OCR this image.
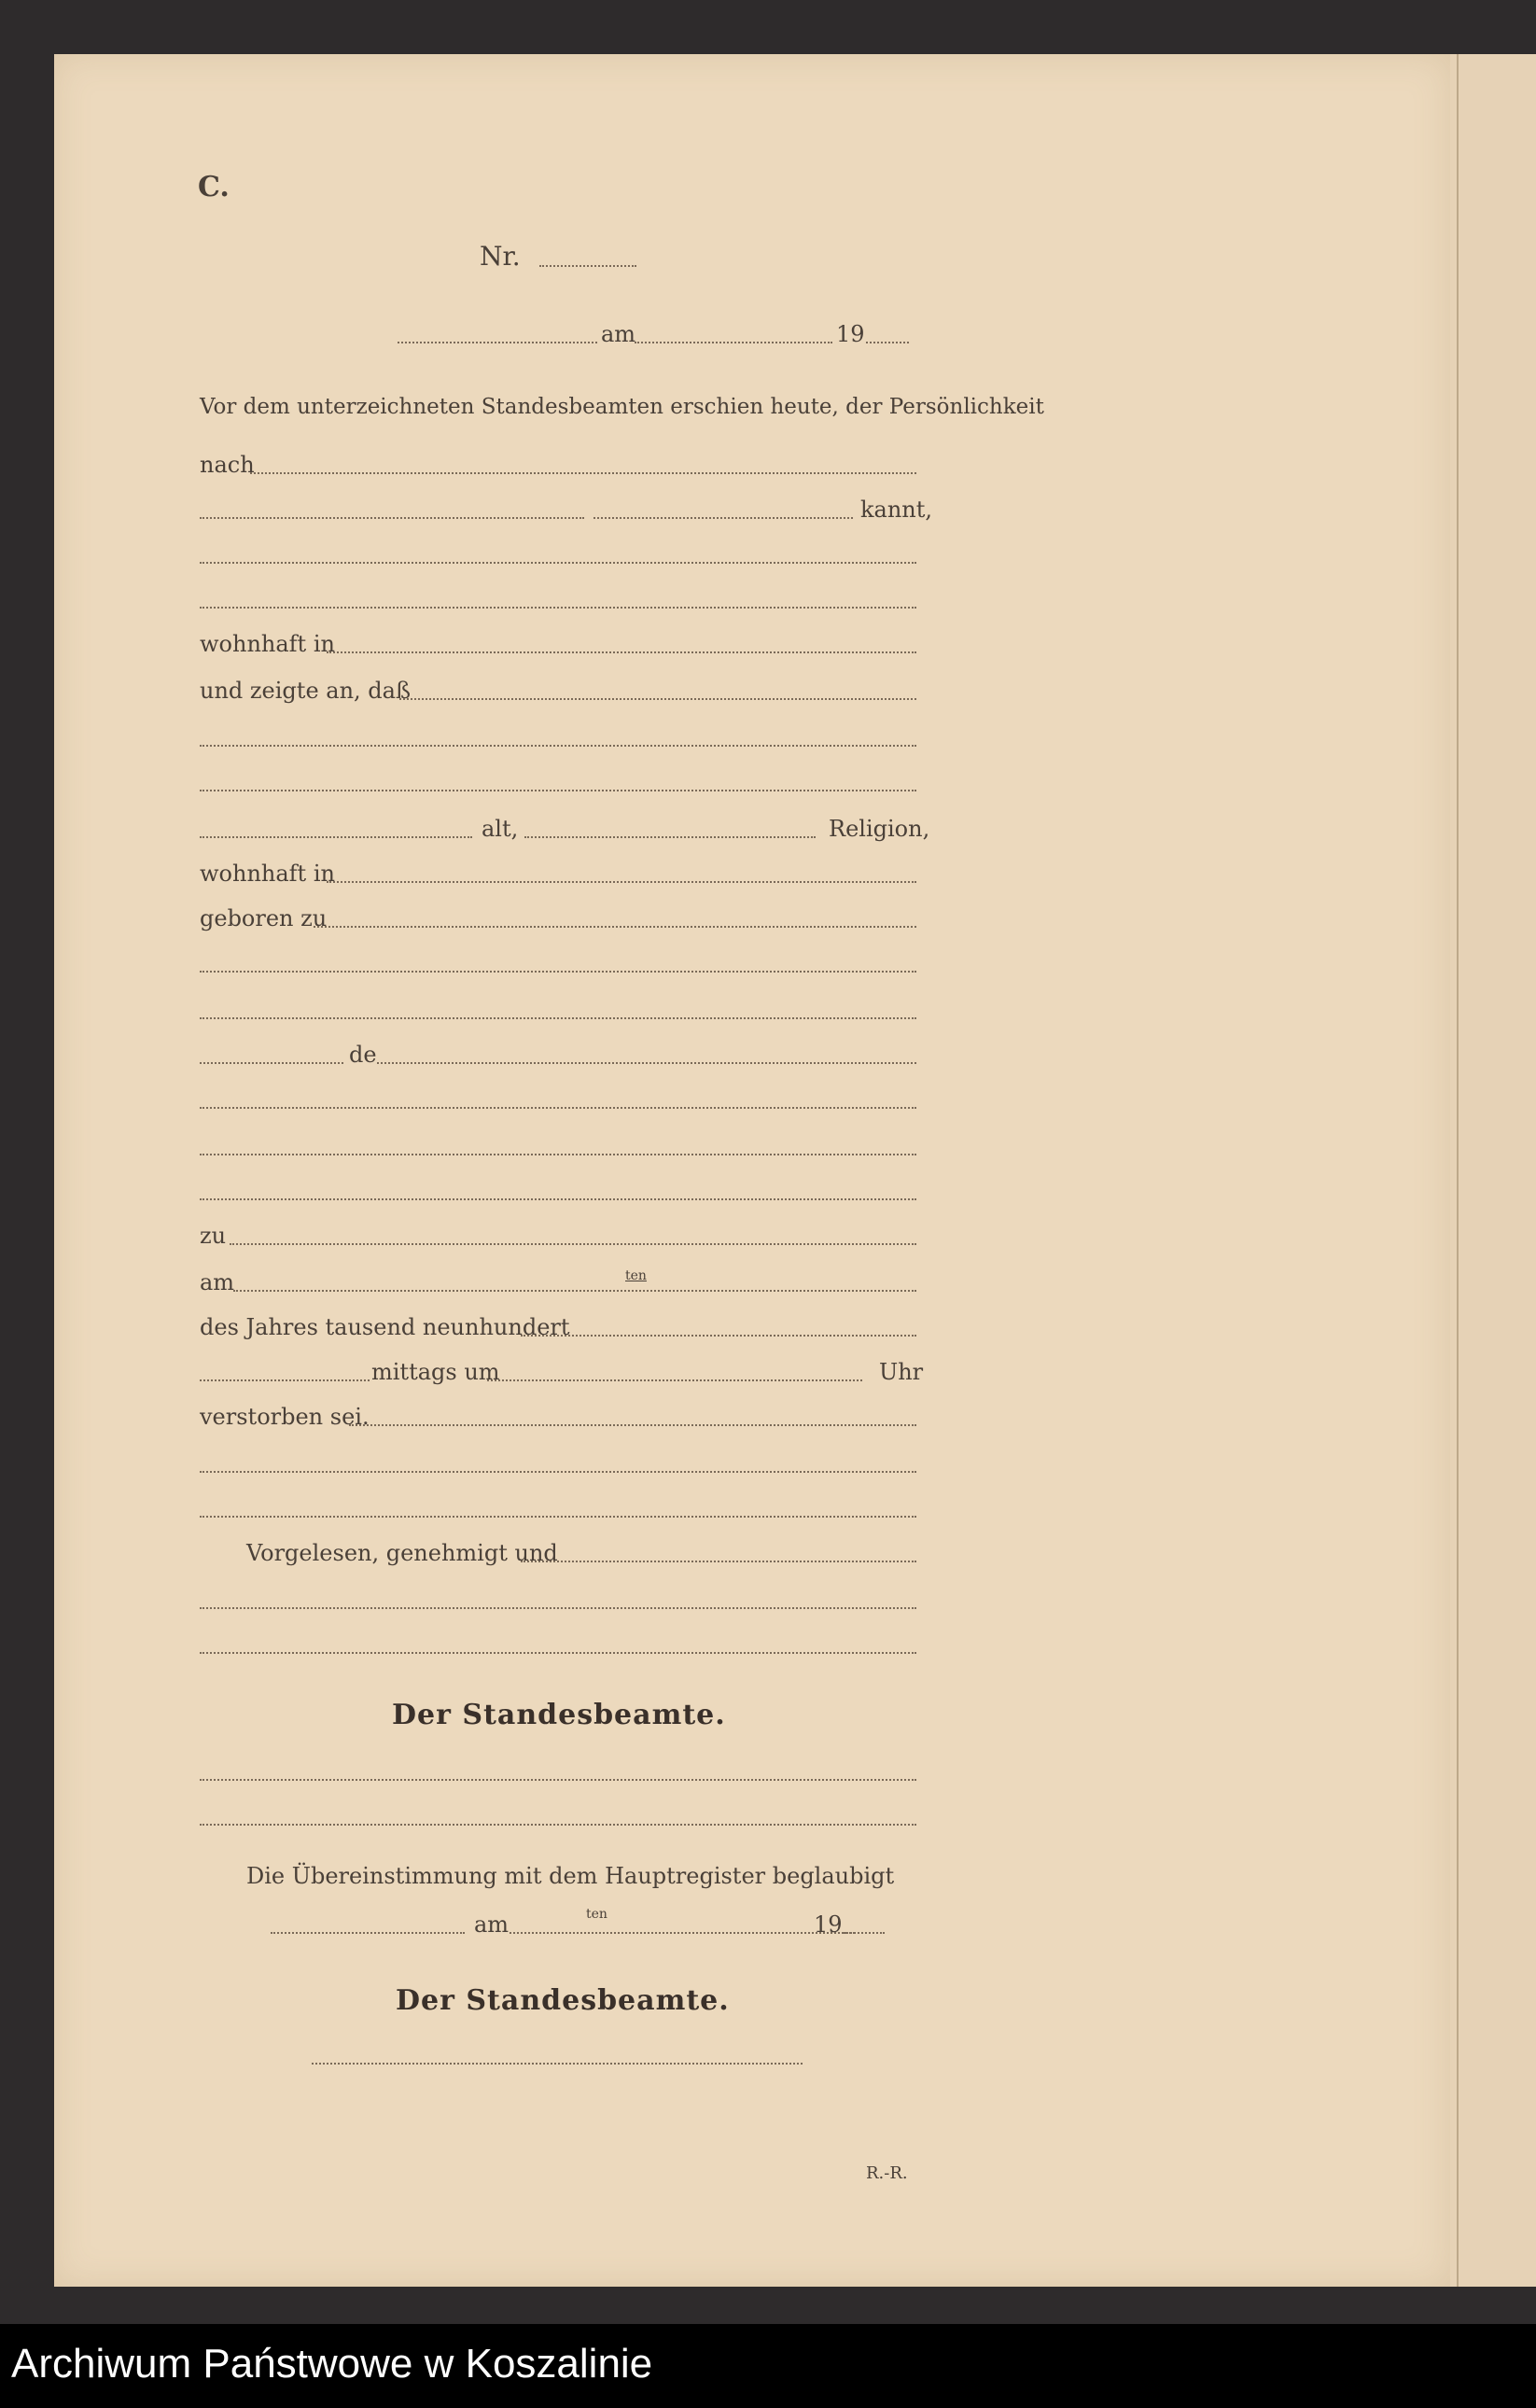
C.
Nr.
am	19
Vor dem unterzeichneten Standesbeamten erschien heute, der Persönlichkeit
nach
kannt,
wohnhaft in
und zeigte an, daß
alt,	Religion,
wohnhaft in
geboren zu
de
zu
am	ten
des Jahres tausend neunhundert
mittags um	Uhr
verstorben sei.
Vorgelesen, genehmigt und
Der Standesbeamte.
Die Übereinstimmung mit dem Hauptregister beglaubigt
am	ten	19
Der Standesbeamte.
R.-R.
Archiwum Państwowe w Koszalinie
